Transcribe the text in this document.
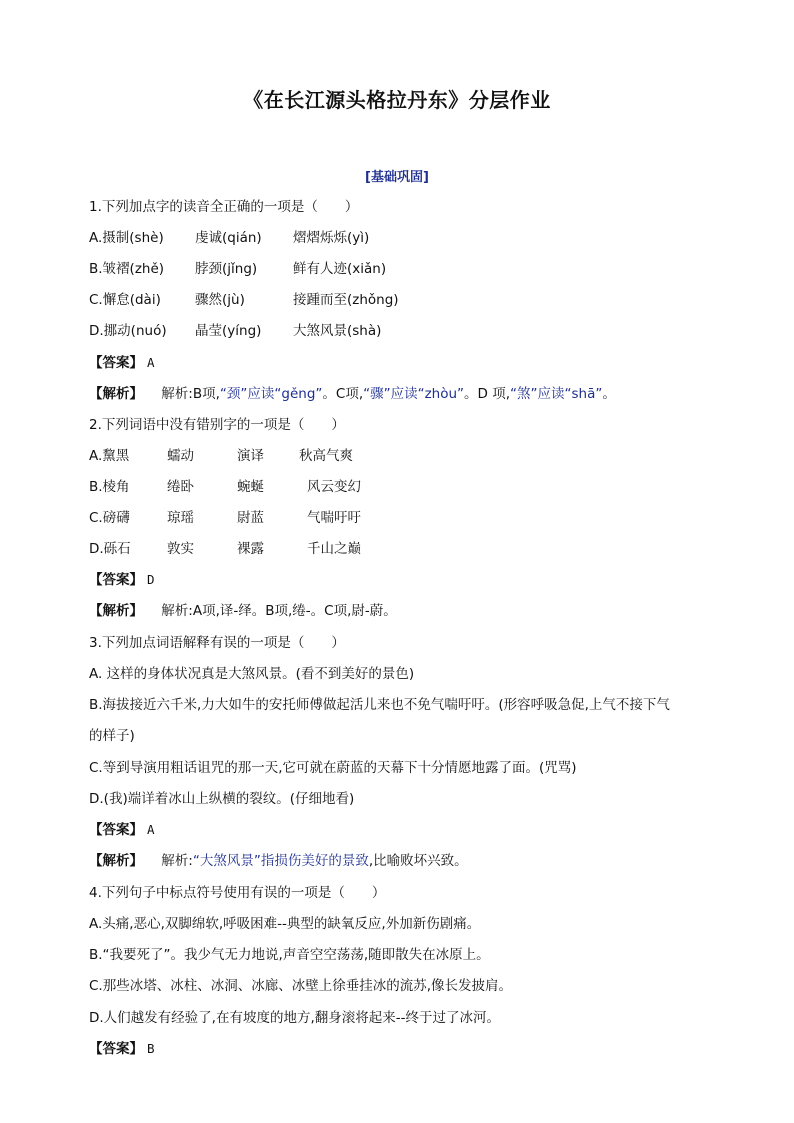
《在长江源头格拉丹东》分层作业
[基础巩固]
1.下列加点字的读音全正确的一项是（　　）
A.摄制(shè) 虔诚(qián) 熠熠烁烁(yì)
B.皱褶(zhě) 脖颈(jǐng)	鲜有人迹(xiǎn)
C.懈怠(dài)	骤然(jù)	接踵而至(zhǒng)
D.挪动(nuó) 晶莹(yíng) 大煞风景(shà)
【答案】 A
【解析】 解析:B项,“颈”应读“gěng”。C项,“骤”应读“zhòu”。D 项,“煞”应读“shā”。
2.下列词语中没有错别字的一项是（　　）
A.黧黑	蠕动	演译	秋高气爽
B.棱角	绻卧	蜿蜒	风云变幻
C.磅礴	琼瑶	尉蓝	气喘吁吁
D.砾石	敦实	裸露	千山之巅
【答案】 D
【解析】 解析:A项,译-绎。B项,绻-。C项,尉-蔚。
3.下列加点词语解释有误的一项是（　　）
A. 这样的身体状况真是大煞风景。(看不到美好的景色)
B.海拔接近六千米,力大如牛的安托师傅做起活儿来也不免气喘吁吁。(形容呼吸急促,上气不接下气
的样子)
C.等到导演用粗话诅咒的那一天,它可就在蔚蓝的天幕下十分情愿地露了面。(咒骂)
D.(我)端详着冰山上纵横的裂纹。(仔细地看)
【答案】 A
【解析】 解析:“大煞风景”指损伤美好的景致,比喻败坏兴致。
4.下列句子中标点符号使用有误的一项是（　　）
A.头痛,恶心,双脚绵软,呼吸困难--典型的缺氧反应,外加新伤剧痛。
B.“我要死了”。我少气无力地说,声音空空荡荡,随即散失在冰原上。
C.那些冰塔、冰柱、冰洞、冰廊、冰壁上徐垂挂冰的流苏,像长发披肩。
D.人们越发有经验了,在有坡度的地方,翻身滚将起来--终于过了冰河。
【答案】 B
